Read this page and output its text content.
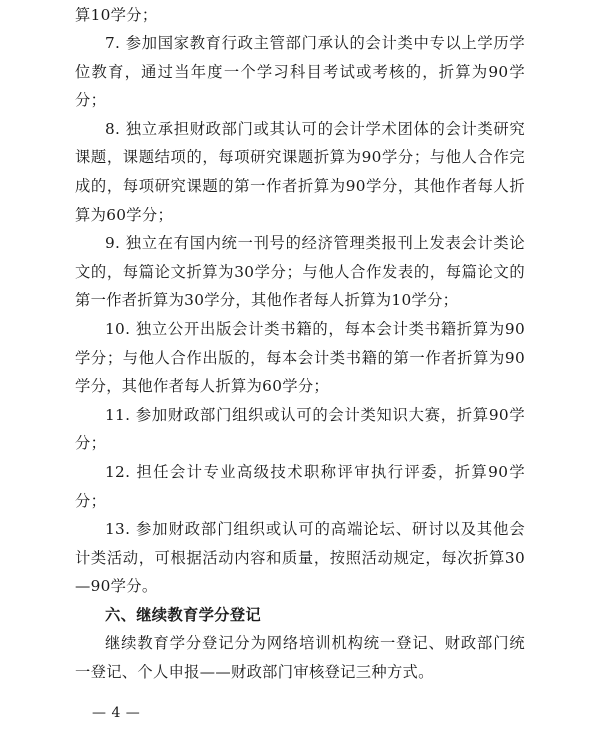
算10学分；

7. 参加国家教育行政主管部门承认的会计类中专以上学历学位教育，通过当年度一个学习科目考试或考核的，折算为90学分；

8. 独立承担财政部门或其认可的会计学术团体的会计类研究课题，课题结项的，每项研究课题折算为90学分；与他人合作完成的，每项研究课题的第一作者折算为90学分，其他作者每人折算为60学分；

9. 独立在有国内统一刊号的经济管理类报刊上发表会计类论文的，每篇论文折算为30学分；与他人合作发表的，每篇论文的第一作者折算为30学分，其他作者每人折算为10学分；

10. 独立公开出版会计类书籍的，每本会计类书籍折算为90学分；与他人合作出版的，每本会计类书籍的第一作者折算为90学分，其他作者每人折算为60学分；

11. 参加财政部门组织或认可的会计类知识大赛，折算90学分；

12. 担任会计专业高级技术职称评审执行评委，折算90学分；

13. 参加财政部门组织或认可的高端论坛、研讨以及其他会计类活动，可根据活动内容和质量，按照活动规定，每次折算30—90学分。

六、继续教育学分登记

继续教育学分登记分为网络培训机构统一登记、财政部门统一登记、个人申报——财政部门审核登记三种方式。

— 4 —
